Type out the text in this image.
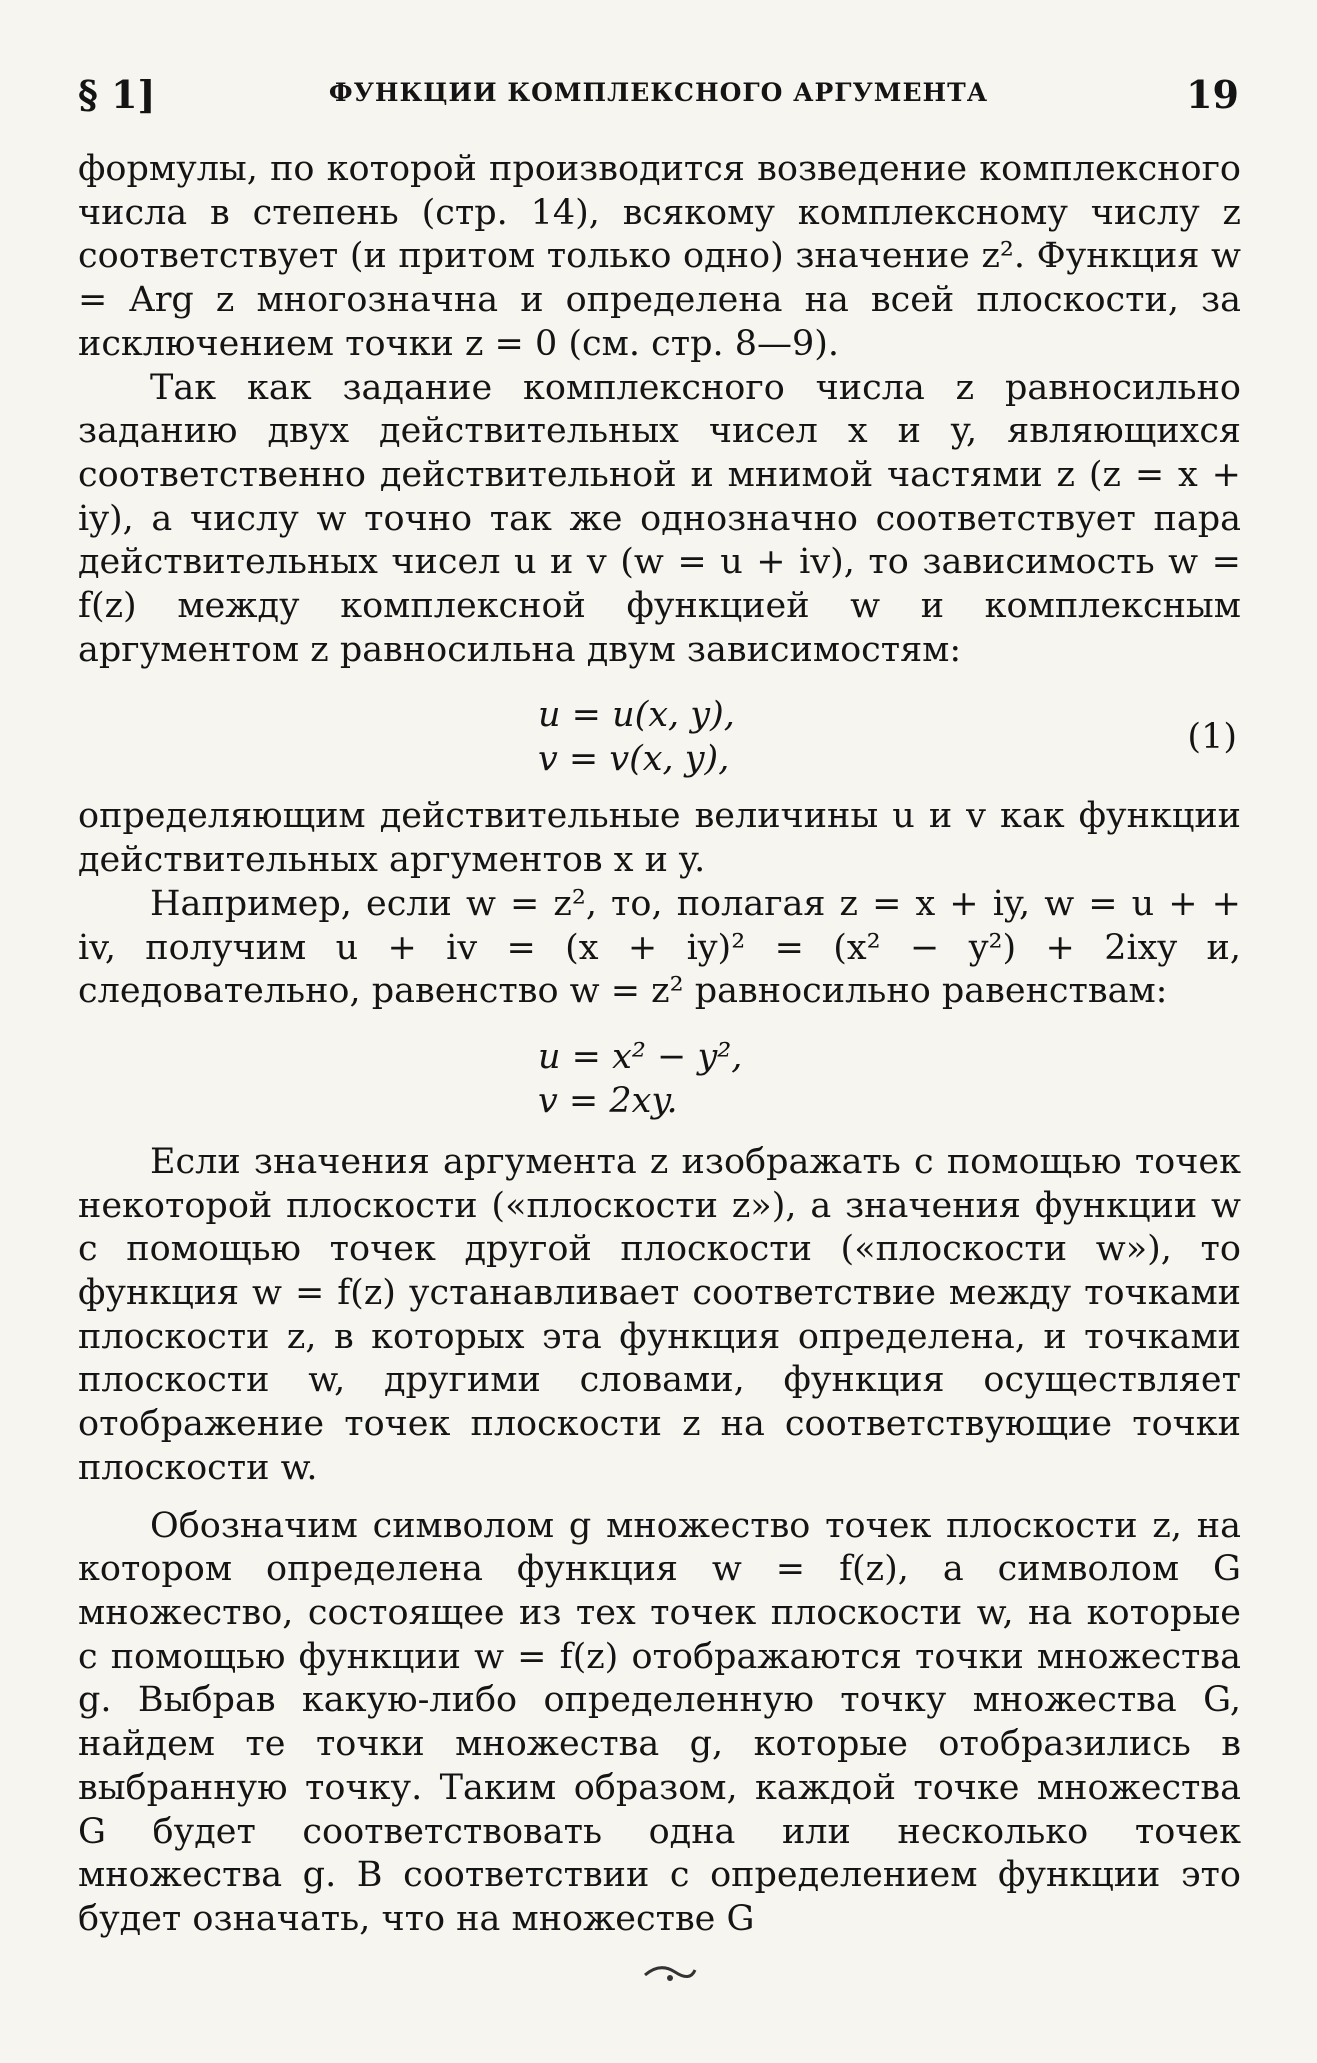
§ 1]	ФУНКЦИИ КОМПЛЕКСНОГО АРГУМЕНТА	19

формулы, по которой производится возведение комплексного числа в степень (стр. 14), всякому комплексному числу z соответствует (и притом только одно) значение z². Функция w = Arg z многозначна и определена на всей плоскости, за исключением точки z = 0 (см. стр. 8—9).

Так как задание комплексного числа z равносильно заданию двух действительных чисел x и y, являющихся соответственно действительной и мнимой частями z (z = x + iy), а числу w точно так же однозначно соответствует пара действительных чисел u и v (w = u + iv), то зависимость w = f(z) между комплексной функцией w и комплексным аргументом z равносильна двум зависимостям:

u = u(x, y),
v = v(x, y),
(1)

определяющим действительные величины u и v как функции действительных аргументов x и y.

Например, если w = z², то, полагая z = x + iy, w = u + + iv, получим u + iv = (x + iy)² = (x² − y²) + 2ixy и, следовательно, равенство w = z² равносильно равенствам:

u = x² − y²,
v = 2xy.

Если значения аргумента z изображать с помощью точек некоторой плоскости («плоскости z»), а значения функции w с помощью точек другой плоскости («плоскости w»), то функция w = f(z) устанавливает соответствие между точками плоскости z, в которых эта функция определена, и точками плоскости w, другими словами, функция осуществляет отображение точек плоскости z на соответствующие точки плоскости w.

Обозначим символом g множество точек плоскости z, на котором определена функция w = f(z), а символом G множество, состоящее из тех точек плоскости w, на которые с помощью функции w = f(z) отображаются точки множества g. Выбрав какую-либо определенную точку множества G, найдем те точки множества g, которые отобразились в выбранную точку. Таким образом, каждой точке множества G будет соответствовать одна или несколько точек множества g. В соответствии с определением функции это будет означать, что на множестве G
